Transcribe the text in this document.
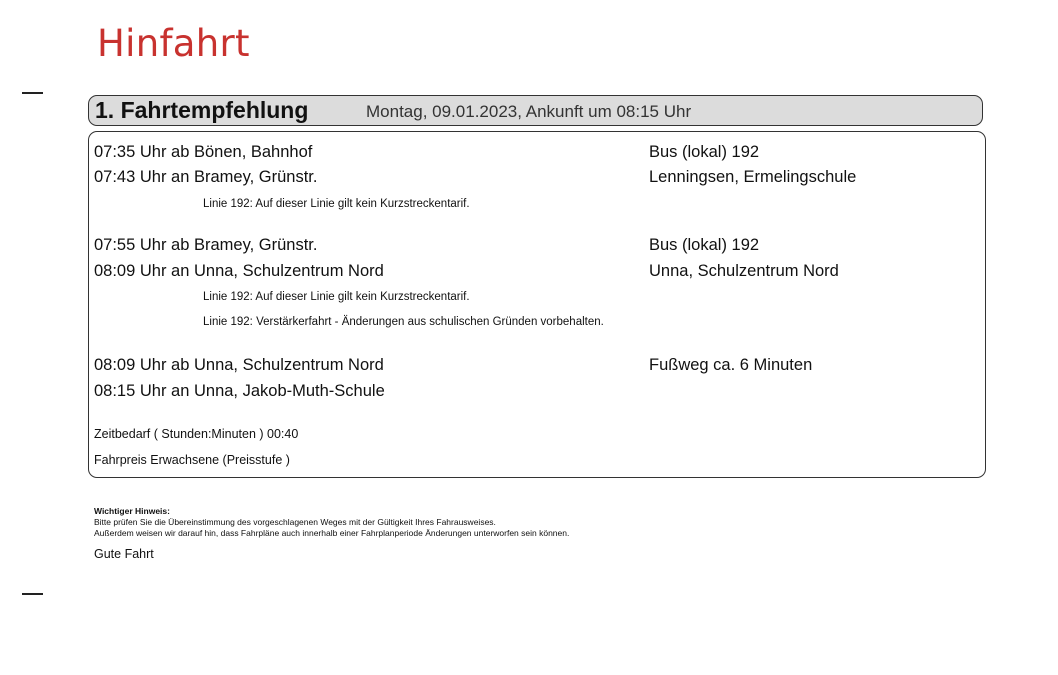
Hinfahrt
1. Fahrtempfehlung	Montag, 09.01.2023, Ankunft um 08:15 Uhr
07:35 Uhr ab Bönen, Bahnhof	Bus (lokal) 192
07:43 Uhr an Bramey, Grünstr.	Lenningsen, Ermelingschule
Linie 192: Auf dieser Linie gilt kein Kurzstreckentarif.
07:55 Uhr ab Bramey, Grünstr.	Bus (lokal) 192
08:09 Uhr an Unna, Schulzentrum Nord	Unna, Schulzentrum Nord
Linie 192: Auf dieser Linie gilt kein Kurzstreckentarif.
Linie 192: Verstärkerfahrt - Änderungen aus schulischen Gründen vorbehalten.
08:09 Uhr ab Unna, Schulzentrum Nord	Fußweg ca. 6 Minuten
08:15 Uhr an Unna, Jakob-Muth-Schule
Zeitbedarf ( Stunden:Minuten ) 00:40
Fahrpreis Erwachsene (Preisstufe )
Wichtiger Hinweis:
Bitte prüfen Sie die Übereinstimmung des vorgeschlagenen Weges mit der Gültigkeit Ihres Fahrausweises.
Außerdem weisen wir darauf hin, dass Fahrpläne auch innerhalb einer Fahrplanperiode Änderungen unterworfen sein können.
Gute Fahrt
